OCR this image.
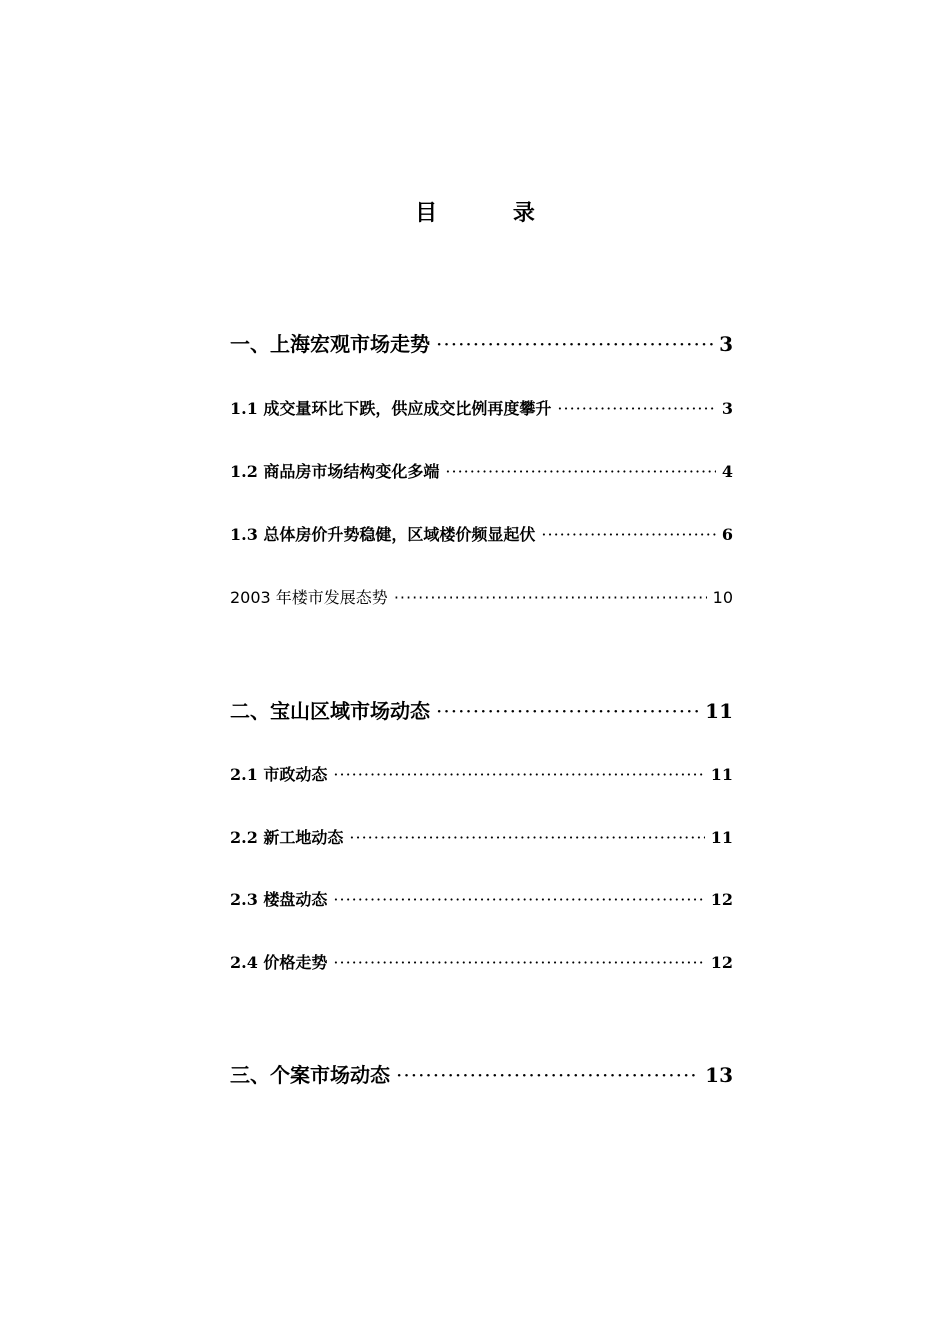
目 录
一、上海宏观市场走势 ·····	3
1.1 成交量环比下跌，供应成交比例再度攀升 ·····	3
1.2 商品房市场结构变化多端 ·····	4
1.3 总体房价升势稳健，区域楼价频显起伏 ·····	6
2003 年楼市发展态势 ·····	10
二、宝山区域市场动态 ·····	11
2.1 市政动态 ·····	11
2.2 新工地动态 ·····	11
2.3 楼盘动态 ·····	12
2.4 价格走势 ·····	12
三、个案市场动态 ·····	13
